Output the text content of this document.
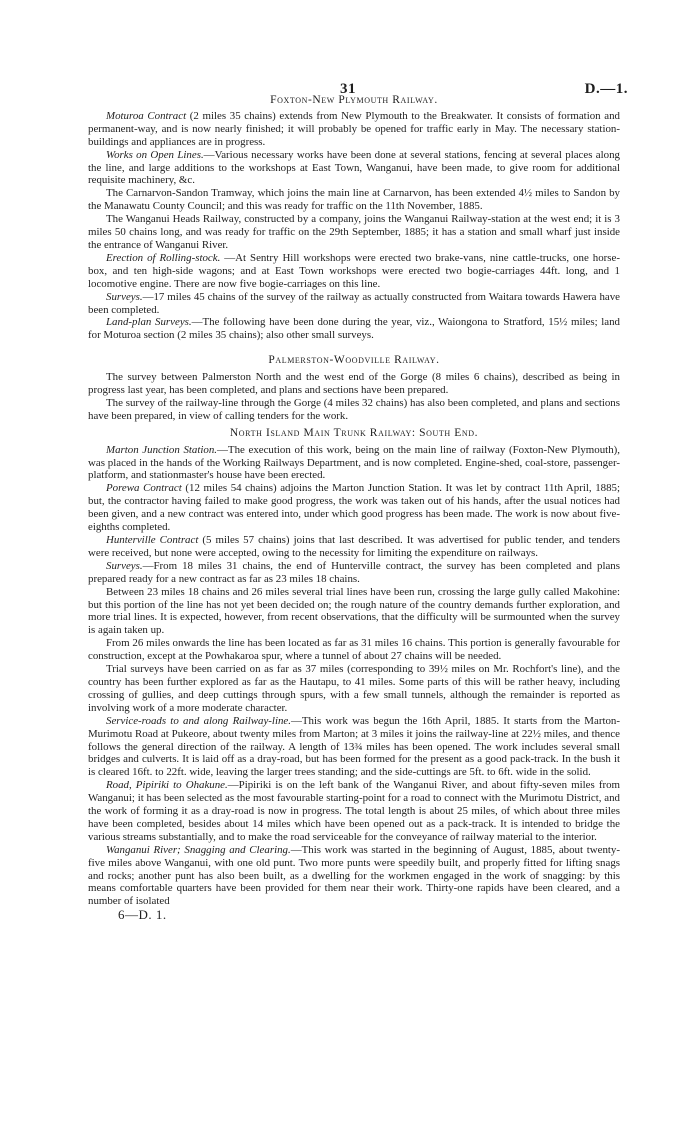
31	D.—1.
Foxton-New Plymouth Railway.

Moturoa Contract (2 miles 35 chains) extends from New Plymouth to the Breakwater. It consists of formation and permanent-way, and is now nearly finished; it will probably be opened for traffic early in May. The necessary station-buildings and appliances are in progress.

Works on Open Lines.—Various necessary works have been done at several stations, fencing at several places along the line, and large additions to the workshops at East Town, Wanganui, have been made, to give room for additional requisite machinery, &c.

The Carnarvon-Sandon Tramway, which joins the main line at Carnarvon, has been extended 4½ miles to Sandon by the Manawatu County Council; and this was ready for traffic on the 11th November, 1885.

The Wanganui Heads Railway, constructed by a company, joins the Wanganui Railway-station at the west end; it is 3 miles 50 chains long, and was ready for traffic on the 29th September, 1885; it has a station and small wharf just inside the entrance of Wanganui River.

Erection of Rolling-stock. —At Sentry Hill workshops were erected two brake-vans, nine cattle-trucks, one horse-box, and ten high-side wagons; and at East Town workshops were erected two bogie-carriages 44ft. long, and 1 locomotive engine. There are now five bogie-carriages on this line.

Surveys.—17 miles 45 chains of the survey of the railway as actually constructed from Waitara towards Hawera have been completed.

Land-plan Surveys.—The following have been done during the year, viz., Waiongona to Stratford, 15½ miles; land for Moturoa section (2 miles 35 chains); also other small surveys.

Palmerston-Woodville Railway.

The survey between Palmerston North and the west end of the Gorge (8 miles 6 chains), described as being in progress last year, has been completed, and plans and sections have been prepared.

The survey of the railway-line through the Gorge (4 miles 32 chains) has also been completed, and plans and sections have been prepared, in view of calling tenders for the work.

North Island Main Trunk Railway: South End.

Marton Junction Station.—The execution of this work, being on the main line of railway (Foxton-New Plymouth), was placed in the hands of the Working Railways Department, and is now completed. Engine-shed, coal-store, passenger-platform, and stationmaster's house have been erected.

Porewa Contract (12 miles 54 chains) adjoins the Marton Junction Station. It was let by contract 11th April, 1885; but, the contractor having failed to make good progress, the work was taken out of his hands, after the usual notices had been given, and a new contract was entered into, under which good progress has been made. The work is now about five-eighths completed.

Hunterville Contract (5 miles 57 chains) joins that last described. It was advertised for public tender, and tenders were received, but none were accepted, owing to the necessity for limiting the expenditure on railways.

Surveys.—From 18 miles 31 chains, the end of Hunterville contract, the survey has been completed and plans prepared ready for a new contract as far as 23 miles 18 chains.

Between 23 miles 18 chains and 26 miles several trial lines have been run, crossing the large gully called Makohine: but this portion of the line has not yet been decided on; the rough nature of the country demands further exploration, and more trial lines. It is expected, however, from recent observations, that the difficulty will be surmounted when the survey is again taken up.

From 26 miles onwards the line has been located as far as 31 miles 16 chains. This portion is generally favourable for construction, except at the Powhakaroa spur, where a tunnel of about 27 chains will be needed.

Trial surveys have been carried on as far as 37 miles (corresponding to 39½ miles on Mr. Rochfort's line), and the country has been further explored as far as the Hautapu, to 41 miles. Some parts of this will be rather heavy, including crossing of gullies, and deep cuttings through spurs, with a few small tunnels, although the remainder is reported as involving work of a more moderate character.

Service-roads to and along Railway-line.—This work was begun the 16th April, 1885. It starts from the Marton-Murimotu Road at Pukeore, about twenty miles from Marton; at 3 miles it joins the railway-line at 22½ miles, and thence follows the general direction of the railway. A length of 13¾ miles has been opened. The work includes several small bridges and culverts. It is laid off as a dray-road, but has been formed for the present as a good pack-track. In the bush it is cleared 16ft. to 22ft. wide, leaving the larger trees standing; and the side-cuttings are 5ft. to 6ft. wide in the solid.

Road, Pipiriki to Ohakune.—Pipiriki is on the left bank of the Wanganui River, and about fifty-seven miles from Wanganui; it has been selected as the most favourable starting-point for a road to connect with the Murimotu District, and the work of forming it as a dray-road is now in progress. The total length is about 25 miles, of which about three miles have been completed, besides about 14 miles which have been opened out as a pack-track. It is intended to bridge the various streams substantially, and to make the road serviceable for the conveyance of railway material to the interior.

Wanganui River; Snagging and Clearing.—This work was started in the beginning of August, 1885, about twenty-five miles above Wanganui, with one old punt. Two more punts were speedily built, and properly fitted for lifting snags and rocks; another punt has also been built, as a dwelling for the workmen engaged in the work of snagging: by this means comfortable quarters have been provided for them near their work. Thirty-one rapids have been cleared, and a number of isolated

6—D. 1.
